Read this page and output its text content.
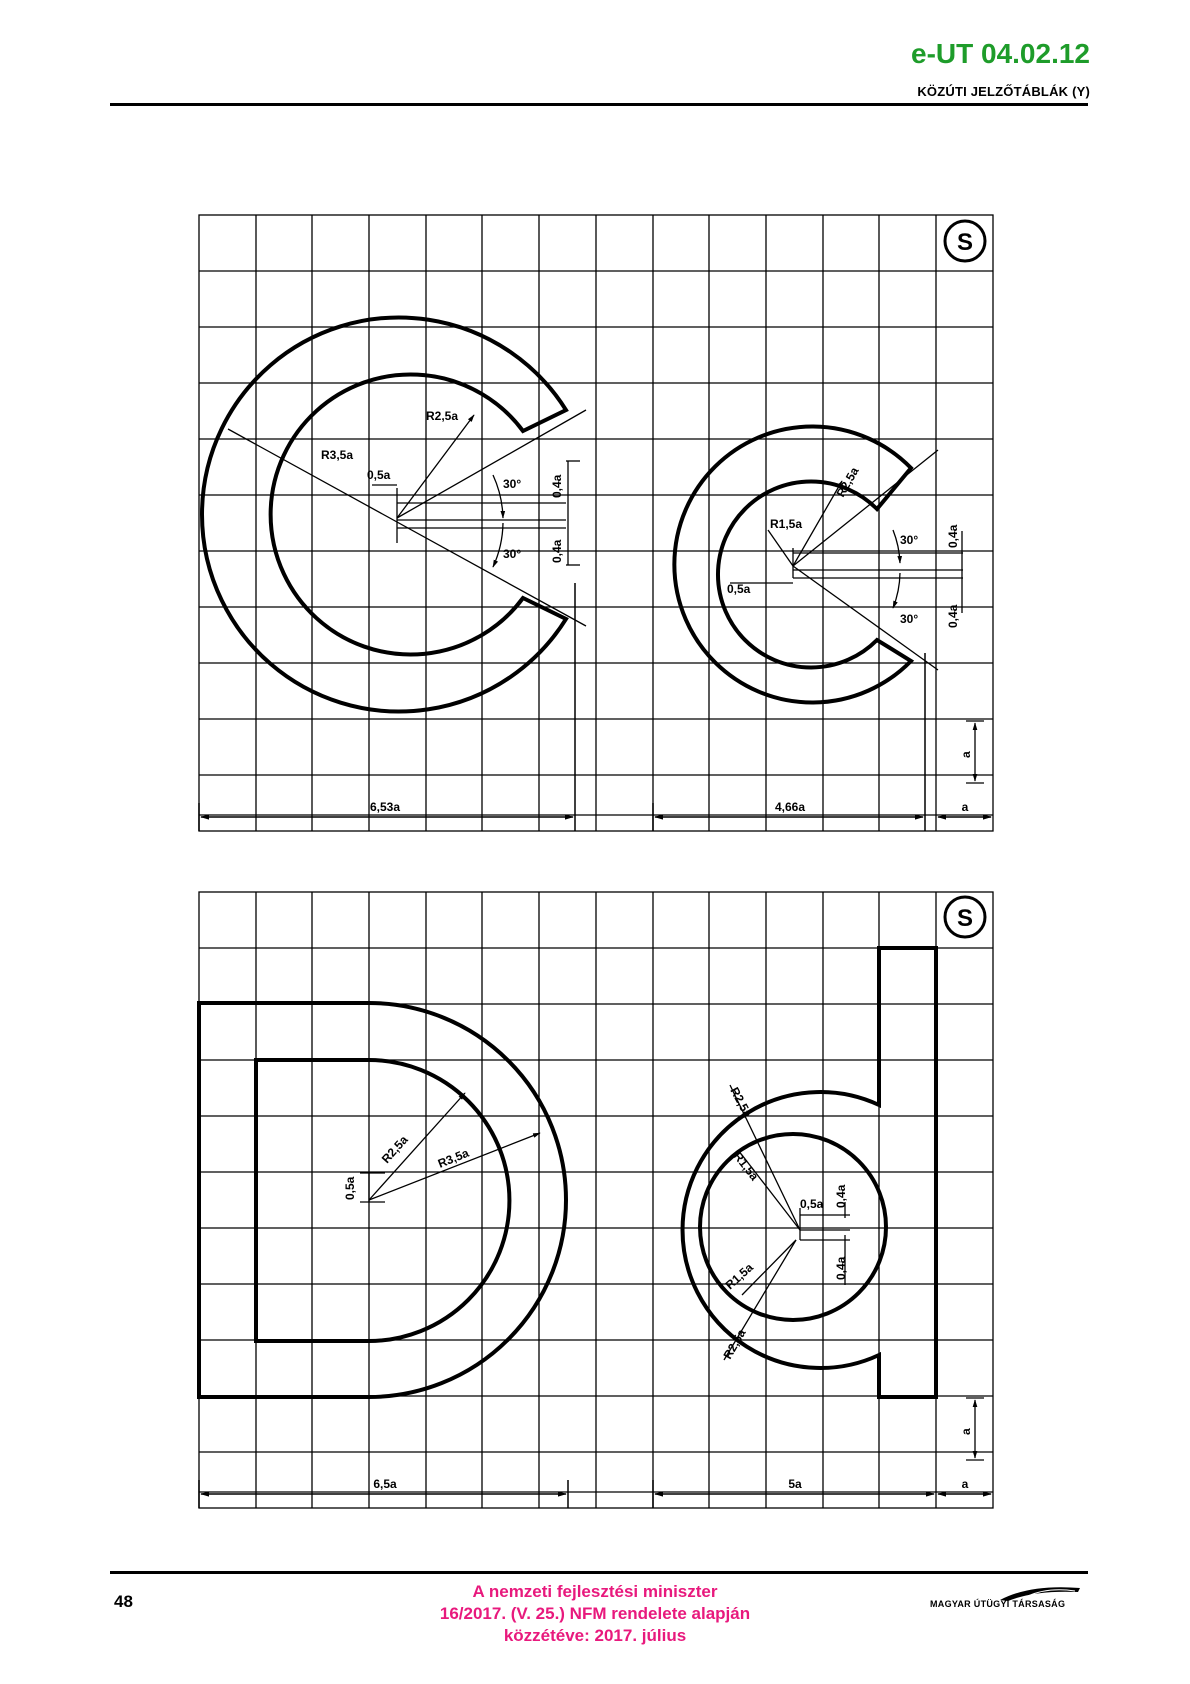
e-UT 04.02.12
KÖZÚTI JELZŐTÁBLÁK (Y)
S
R3,5a
R2,5a
0,5a
30°
30°
0,4a
0,4a
R1,5a
R2,5a
0,5a
30°
30°
0,4a
0,4a
a
6,53a	4,66a	a
S
R2,5a R3,5a
0,5a
R2,5a
R1,5a
R1,5a
R2,5a
0,5a 0,4a
0,4a
a
6,5a	5a	a
48
A nemzeti fejlesztési miniszter
16/2017. (V. 25.) NFM rendelete alapján
közzétéve: 2017. július
MAGYAR ÚTÜGYI TÁRSASÁG
